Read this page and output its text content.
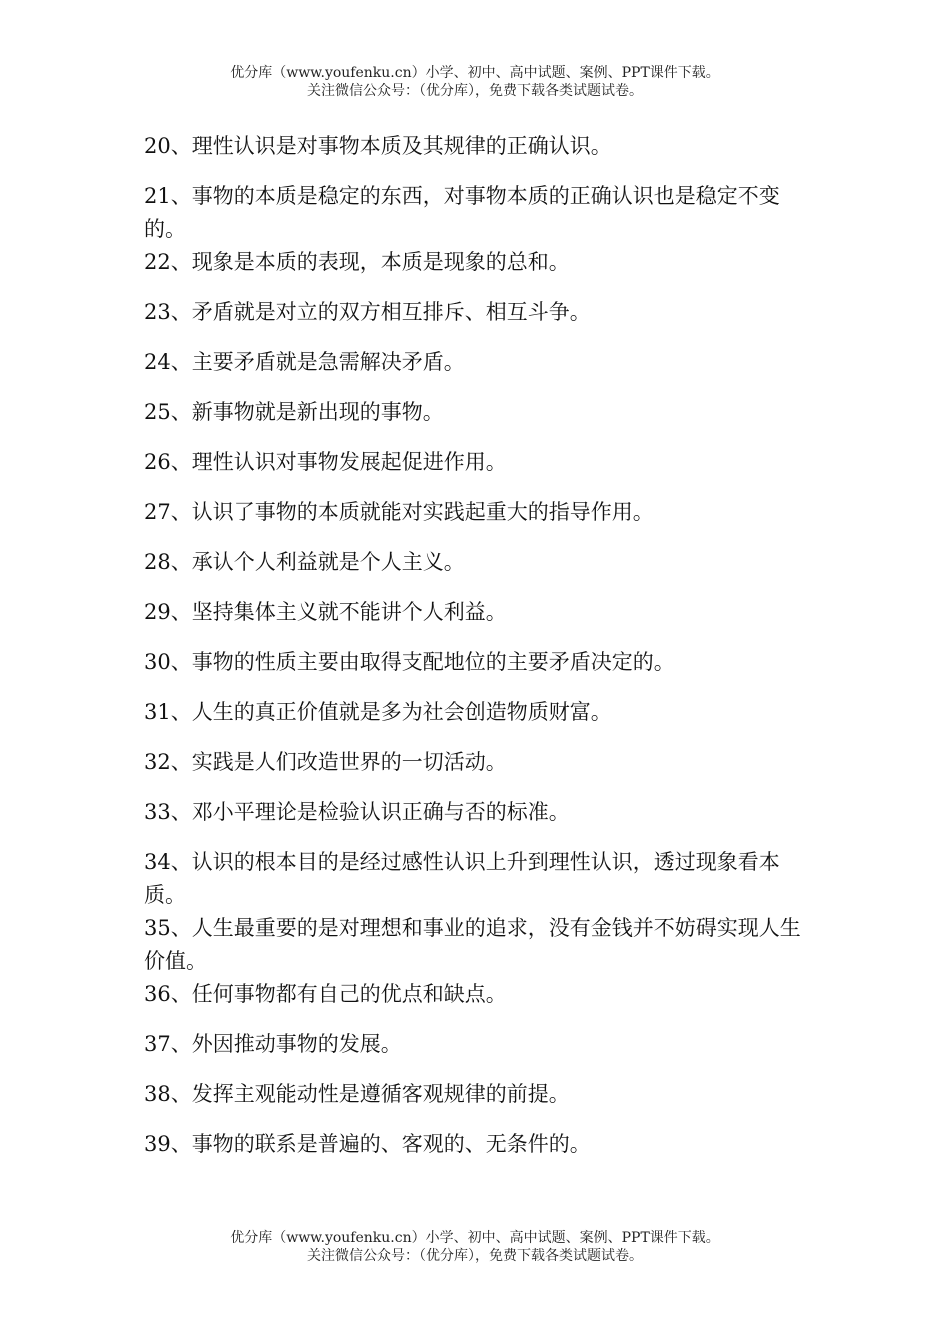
优分库（www.youfenku.cn）小学、初中、高中试题、案例、PPT课件下载。
关注微信公众号：（优分库），免费下载各类试题试卷。
20、理性认识是对事物本质及其规律的正确认识。
21、事物的本质是稳定的东西，对事物本质的正确认识也是稳定不变的。
22、现象是本质的表现，本质是现象的总和。
23、矛盾就是对立的双方相互排斥、相互斗争。
24、主要矛盾就是急需解决矛盾。
25、新事物就是新出现的事物。
26、理性认识对事物发展起促进作用。
27、认识了事物的本质就能对实践起重大的指导作用。
28、承认个人利益就是个人主义。
29、坚持集体主义就不能讲个人利益。
30、事物的性质主要由取得支配地位的主要矛盾决定的。
31、人生的真正价值就是多为社会创造物质财富。
32、实践是人们改造世界的一切活动。
33、邓小平理论是检验认识正确与否的标准。
34、认识的根本目的是经过感性认识上升到理性认识，透过现象看本质。
35、人生最重要的是对理想和事业的追求，没有金钱并不妨碍实现人生价值。
36、任何事物都有自己的优点和缺点。
37、外因推动事物的发展。
38、发挥主观能动性是遵循客观规律的前提。
39、事物的联系是普遍的、客观的、无条件的。
优分库（www.youfenku.cn）小学、初中、高中试题、案例、PPT课件下载。
关注微信公众号：（优分库），免费下载各类试题试卷。
